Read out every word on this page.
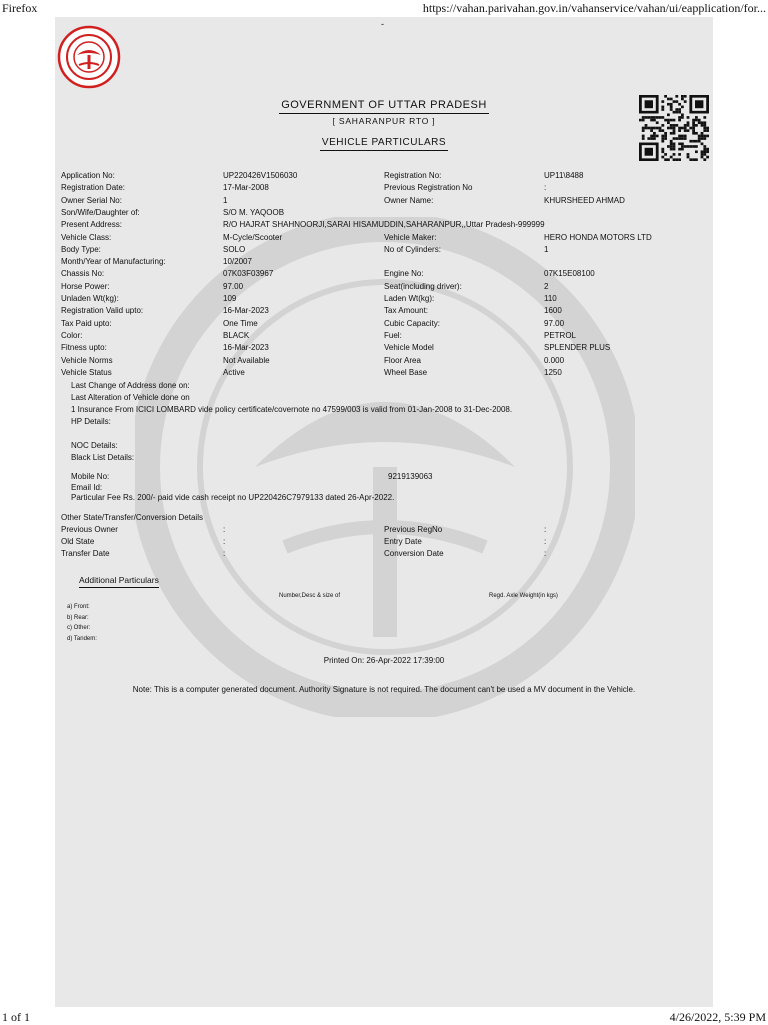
Firefox	https://vahan.parivahan.gov.in/vahanservice/vahan/ui/eapplication/for...
-
GOVERNMENT OF UTTAR PRADESH
[ SAHARANPUR RTO ]
VEHICLE PARTICULARS
Application No:	UP220426V1506030	Registration No:	UP11\8488
Registration Date:	17-Mar-2008	Previous Registration No	:
Owner Serial No:	1	Owner Name:	KHURSHEED AHMAD
Son/Wife/Daughter of:	S/O M. YAQOOB
Present Address:	R/O HAJRAT SHAHNOORJI,SARAI HISAMUDDIN,SAHARANPUR,,Uttar Pradesh-999999
Vehicle Class:	M-Cycle/Scooter	Vehicle Maker:	HERO HONDA MOTORS LTD
Body Type:	SOLO	No of Cylinders:	1
Month/Year of Manufacturing:	10/2007
Chassis No:	07K03F03967	Engine No:	07K15E08100
Horse Power:	97.00	Seat(including driver):	2
Unladen Wt(kg):	109	Laden Wt(kg):	110
Registration Valid upto:	16-Mar-2023	Tax Amount:	1600
Tax Paid upto:	One Time	Cubic Capacity:	97.00
Color:	BLACK	Fuel:	PETROL
Fitness upto:	16-Mar-2023	Vehicle Model	SPLENDER PLUS
Vehicle Norms	Not Available	Floor Area	0.000
Vehicle Status	Active	Wheel Base	1250
Last Change of Address done on:
Last Alteration of Vehicle done on
1 Insurance From ICICI LOMBARD vide policy certificate/covernote no 47599/003 is valid from 01-Jan-2008 to 31-Dec-2008.
HP Details:
NOC Details:
Black List Details:
Mobile No:	9219139063
Email Id:
Particular Fee Rs. 200/- paid vide cash receipt no UP220426C7979133 dated 26-Apr-2022.
Other State/Transfer/Conversion Details
Previous Owner	:	Previous RegNo	:
Old State	:	Entry Date	:
Transfer Date	:	Conversion Date	:
Additional Particulars
Number,Desc & size of	Regd. Axle Weight(in kgs)
a) Front:
b) Rear:
c) Other:
d) Tandem:
Printed On: 26-Apr-2022 17:39:00
Note: This is a computer generated document. Authority Signature is not required. The document can't be used a MV document in the Vehicle.
1 of 1	4/26/2022, 5:39 PM
